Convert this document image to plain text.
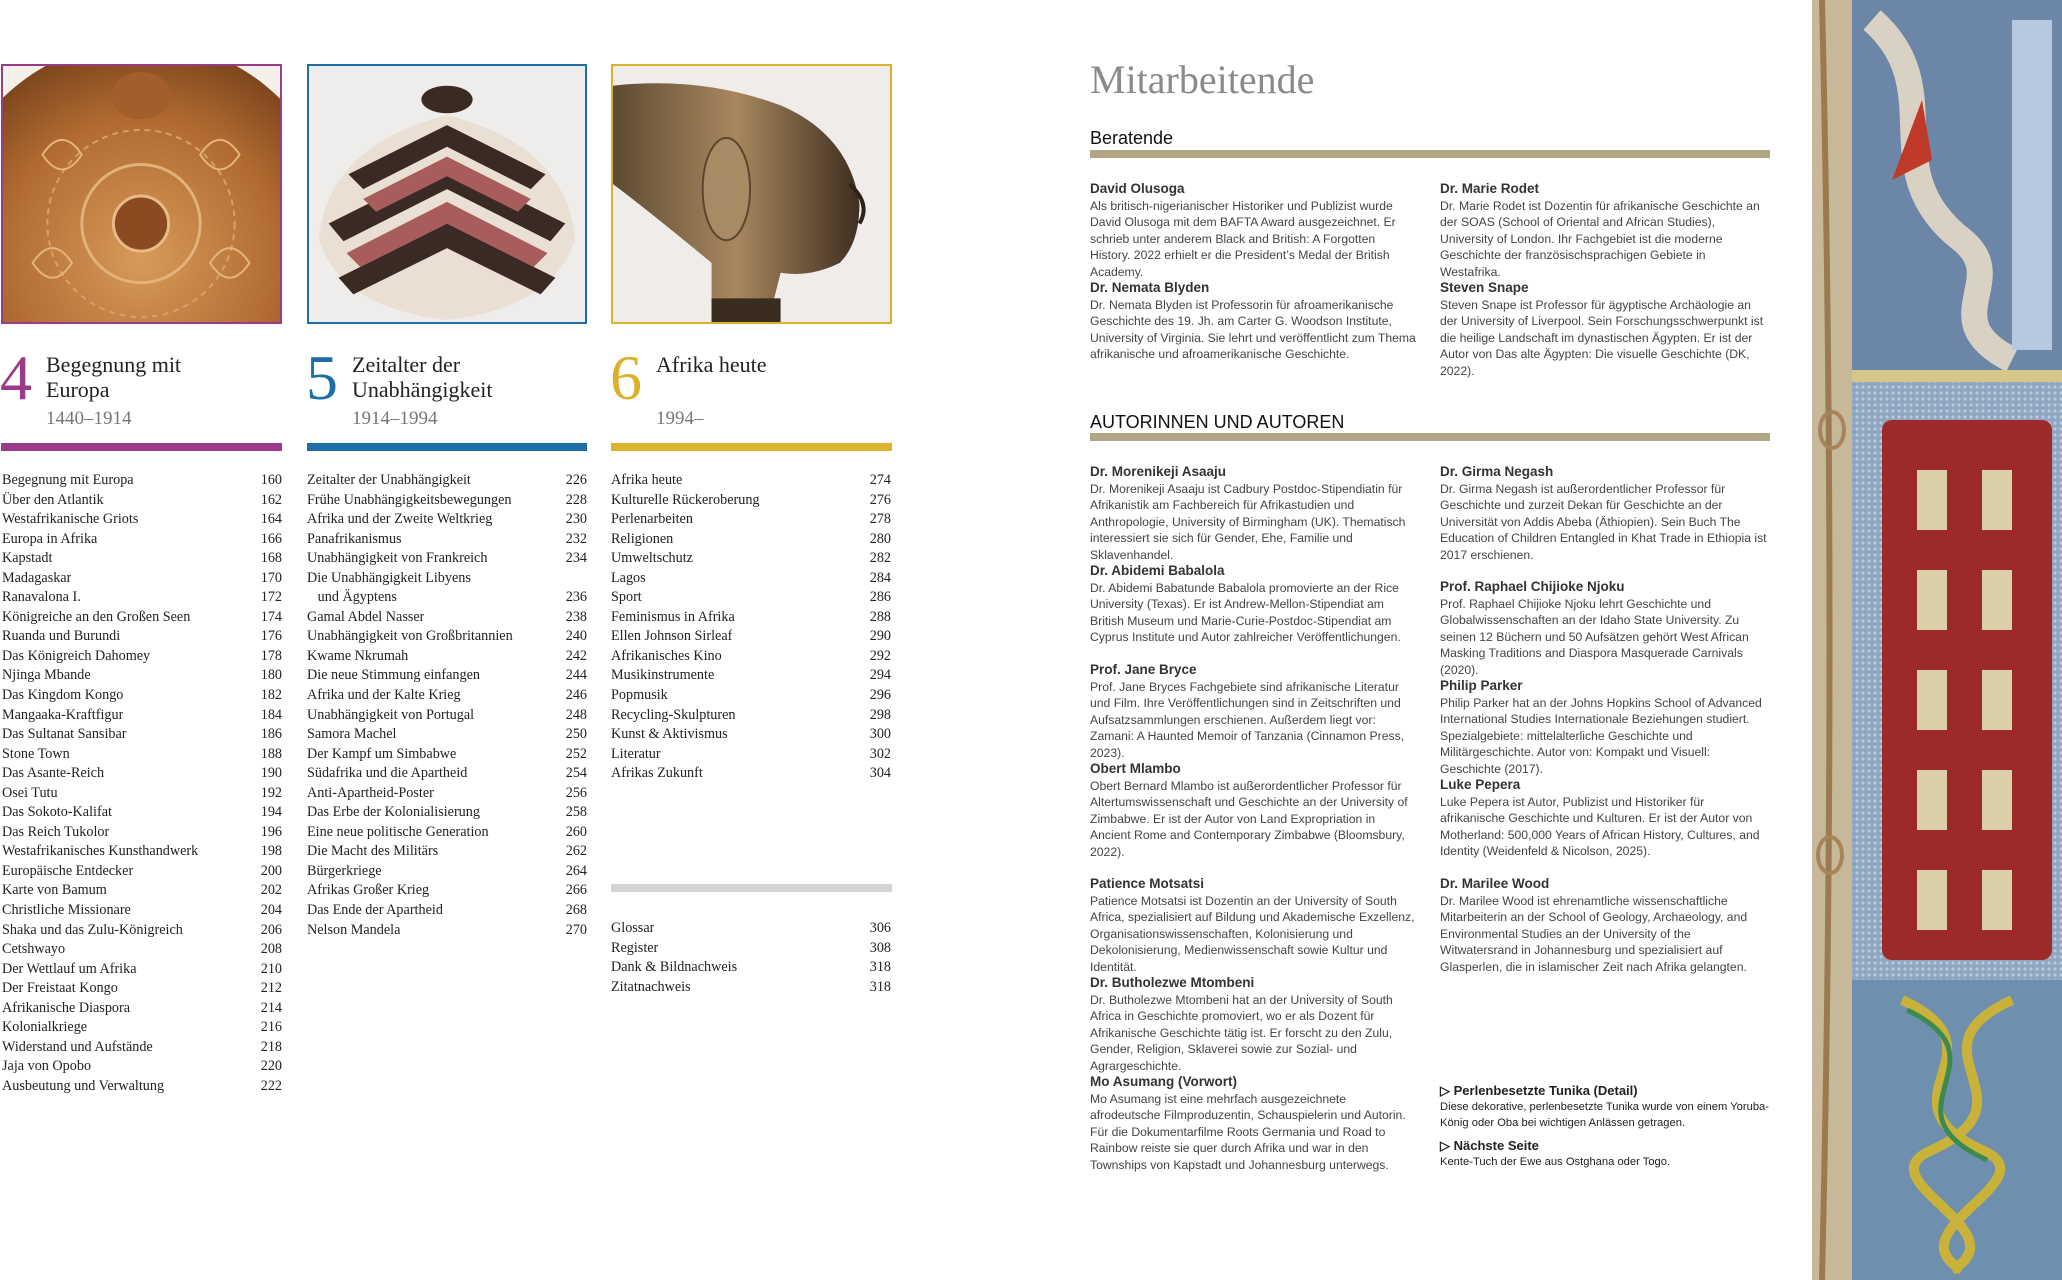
4 Begegnung mit Europa
1440–1914
5 Zeitalter der Unabhängigkeit
1914–1994
6 Afrika heute
1994–
Begegnung mit Europa	160
Über den Atlantik	162
Westafrikanische Griots	164
Europa in Afrika	166
Kapstadt	168
Madagaskar	170
Ranavalona I.	172
Königreiche an den Großen Seen	174
Ruanda und Burundi	176
Das Königreich Dahomey	178
Njinga Mbande	180
Das Kingdom Kongo	182
Mangaaka-Kraftfigur	184
Das Sultanat Sansibar	186
Stone Town	188
Das Asante-Reich	190
Osei Tutu	192
Das Sokoto-Kalifat	194
Das Reich Tukolor	196
Westafrikanisches Kunsthandwerk	198
Europäische Entdecker	200
Karte von Bamum	202
Christliche Missionare	204
Shaka und das Zulu-Königreich	206
Cetshwayo	208
Der Wettlauf um Afrika	210
Der Freistaat Kongo	212
Afrikanische Diaspora	214
Kolonialkriege	216
Widerstand und Aufstände	218
Jaja von Opobo	220
Ausbeutung und Verwaltung	222
Zeitalter der Unabhängigkeit	226
Frühe Unabhängigkeitsbewegungen	228
Afrika und der Zweite Weltkrieg	230
Panafrikanismus	232
Unabhängigkeit von Frankreich	234
Die Unabhängigkeit Libyens
und Ägyptens	236
Gamal Abdel Nasser	238
Unabhängigkeit von Großbritannien	240
Kwame Nkrumah	242
Die neue Stimmung einfangen	244
Afrika und der Kalte Krieg	246
Unabhängigkeit von Portugal	248
Samora Machel	250
Der Kampf um Simbabwe	252
Südafrika und die Apartheid	254
Anti-Apartheid-Poster	256
Das Erbe der Kolonialisierung	258
Eine neue politische Generation	260
Die Macht des Militärs	262
Bürgerkriege	264
Afrikas Großer Krieg	266
Das Ende der Apartheid	268
Nelson Mandela	270
Afrika heute	274
Kulturelle Rückeroberung	276
Perlenarbeiten	278
Religionen	280
Umweltschutz	282
Lagos	284
Sport	286
Feminismus in Afrika	288
Ellen Johnson Sirleaf	290
Afrikanisches Kino	292
Musikinstrumente	294
Popmusik	296
Recycling-Skulpturen	298
Kunst & Aktivismus	300
Literatur	302
Afrikas Zukunft	304
Glossar	306
Register	308
Dank & Bildnachweis	318
Zitatnachweis	318
Mitarbeitende
Beratende
David Olusoga
Als britisch-nigerianischer Historiker und Publizist wurde David Olusoga mit dem BAFTA Award ausgezeichnet. Er schrieb unter anderem Black and British: A Forgotten History. 2022 erhielt er die President’s Medal der British Academy.
Dr. Nemata Blyden
Dr. Nemata Blyden ist Professorin für afroamerikanische Geschichte des 19. Jh. am Carter G. Woodson Institute, University of Virginia. Sie lehrt und veröffentlicht zum Thema afrikanische und afroamerikanische Geschichte.
Dr. Marie Rodet
Dr. Marie Rodet ist Dozentin für afrikanische Geschichte an der SOAS (School of Oriental and African Studies), University of London. Ihr Fachgebiet ist die moderne Geschichte der französischsprachigen Gebiete in Westafrika.
Steven Snape
Steven Snape ist Professor für ägyptische Archäologie an der University of Liverpool. Sein Forschungsschwerpunkt ist die heilige Landschaft im dynastischen Ägypten. Er ist der Autor von Das alte Ägypten: Die visuelle Geschichte (DK, 2022).
AUTORINNEN UND AUTOREN
Dr. Morenikeji Asaaju
Dr. Morenikeji Asaaju ist Cadbury Postdoc-Stipendiatin für Afrikanistik am Fachbereich für Afrikastudien und Anthropologie, University of Birmingham (UK). Thematisch interessiert sie sich für Gender, Ehe, Familie und Sklavenhandel.
Dr. Abidemi Babalola
Dr. Abidemi Babatunde Babalola promovierte an der Rice University (Texas). Er ist Andrew-Mellon-Stipendiat am British Museum und Marie-Curie-Postdoc-Stipendiat am Cyprus Institute und Autor zahlreicher Veröffentlichungen.
Prof. Jane Bryce
Prof. Jane Bryces Fachgebiete sind afrikanische Literatur und Film. Ihre Veröffentlichungen sind in Zeitschriften und Aufsatzsammlungen erschienen. Außerdem liegt vor: Zamani: A Haunted Memoir of Tanzania (Cinnamon Press, 2023).
Obert Mlambo
Obert Bernard Mlambo ist außerordentlicher Professor für Altertumswissenschaft und Geschichte an der University of Zimbabwe. Er ist der Autor von Land Expropriation in Ancient Rome and Contemporary Zimbabwe (Bloomsbury, 2022).
Patience Motsatsi
Patience Motsatsi ist Dozentin an der University of South Africa, spezialisiert auf Bildung und Akademische Exzellenz, Organisationswissenschaften, Kolonisierung und Dekolonisierung, Medienwissenschaft sowie Kultur und Identität.
Dr. Butholezwe Mtombeni
Dr. Butholezwe Mtombeni hat an der University of South Africa in Geschichte promoviert, wo er als Dozent für Afrikanische Geschichte tätig ist. Er forscht zu den Zulu, Gender, Religion, Sklaverei sowie zur Sozial- und Agrargeschichte.
Mo Asumang (Vorwort)
Mo Asumang ist eine mehrfach ausgezeichnete afrodeutsche Filmproduzentin, Schauspielerin und Autorin. Für die Dokumentarfilme Roots Germania und Road to Rainbow reiste sie quer durch Afrika und war in den Townships von Kapstadt und Johannesburg unterwegs.
Dr. Girma Negash
Dr. Girma Negash ist außerordentlicher Professor für Geschichte und zurzeit Dekan für Geschichte an der Universität von Addis Abeba (Äthiopien). Sein Buch The Education of Children Entangled in Khat Trade in Ethiopia ist 2017 erschienen.
Prof. Raphael Chijioke Njoku
Prof. Raphael Chijioke Njoku lehrt Geschichte und Globalwissenschaften an der Idaho State University. Zu seinen 12 Büchern und 50 Aufsätzen gehört West African Masking Traditions and Diaspora Masquerade Carnivals (2020).
Philip Parker
Philip Parker hat an der Johns Hopkins School of Advanced International Studies Internationale Beziehungen studiert. Spezialgebiete: mittelalterliche Geschichte und Militärgeschichte. Autor von: Kompakt und Visuell: Geschichte (2017).
Luke Pepera
Luke Pepera ist Autor, Publizist und Historiker für afrikanische Geschichte und Kulturen. Er ist der Autor von Motherland: 500,000 Years of African History, Cultures, and Identity (Weidenfeld & Nicolson, 2025).
Dr. Marilee Wood
Dr. Marilee Wood ist ehrenamtliche wissenschaftliche Mitarbeiterin an der School of Geology, Archaeology, and Environmental Studies an der University of the Witwatersrand in Johannesburg und spezialisiert auf Glasperlen, die in islamischer Zeit nach Afrika gelangten.
▷ Perlenbesetzte Tunika (Detail)
Diese dekorative, perlenbesetzte Tunika wurde von einem Yoruba-König oder Oba bei wichtigen Anlässen getragen.
▷ Nächste Seite
Kente-Tuch der Ewe aus Ostghana oder Togo.
